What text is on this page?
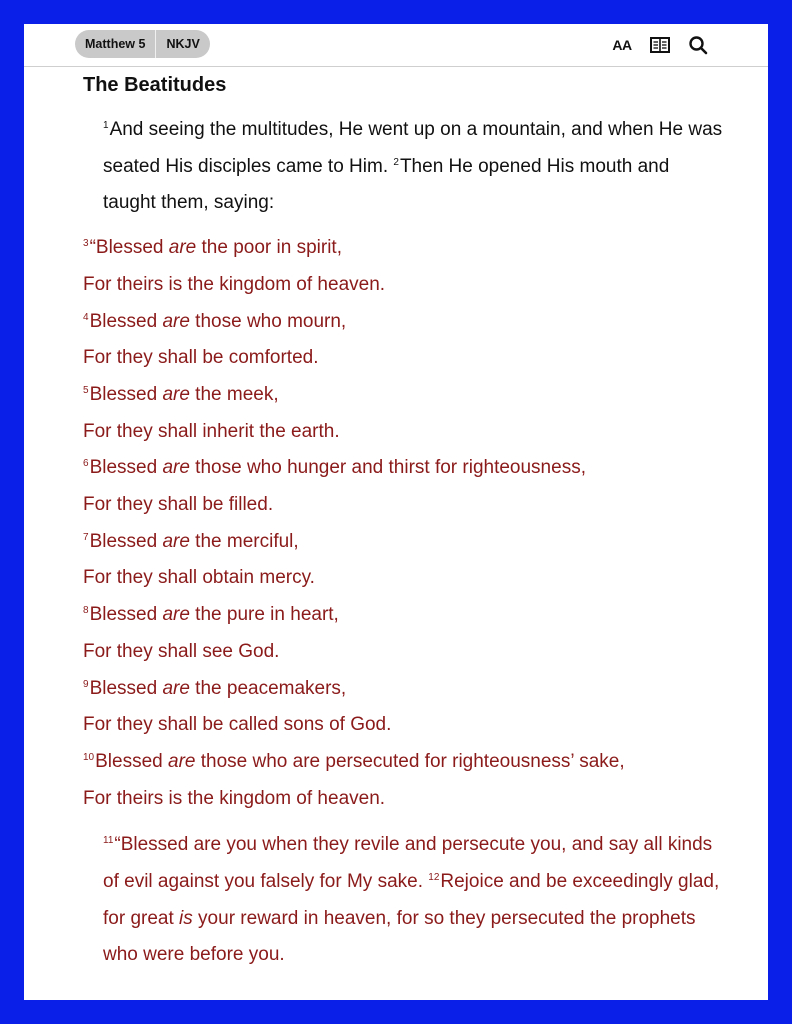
Matthew 5	NKJV	AA
The Beatitudes

$^1$And seeing the multitudes, He went up on a mountain, and when He was seated His disciples came to Him. $^2$Then He opened His mouth and taught them, saying:

$^3$“Blessed are the poor in spirit,
For theirs is the kingdom of heaven.
$^4$Blessed are those who mourn,
For they shall be comforted.
$^5$Blessed are the meek,
For they shall inherit the earth.
$^6$Blessed are those who hunger and thirst for righteousness,
For they shall be filled.
$^7$Blessed are the merciful,
For they shall obtain mercy.
$^8$Blessed are the pure in heart,
For they shall see God.
$^9$Blessed are the peacemakers,
For they shall be called sons of God.
$^{10}$Blessed are those who are persecuted for righteousness’ sake,
For theirs is the kingdom of heaven.

$^{11}$“Blessed are you when they revile and persecute you, and say all kinds of evil against you falsely for My sake. $^{12}$Rejoice and be exceedingly glad, for great is your reward in heaven, for so they persecuted the prophets who were before you.
